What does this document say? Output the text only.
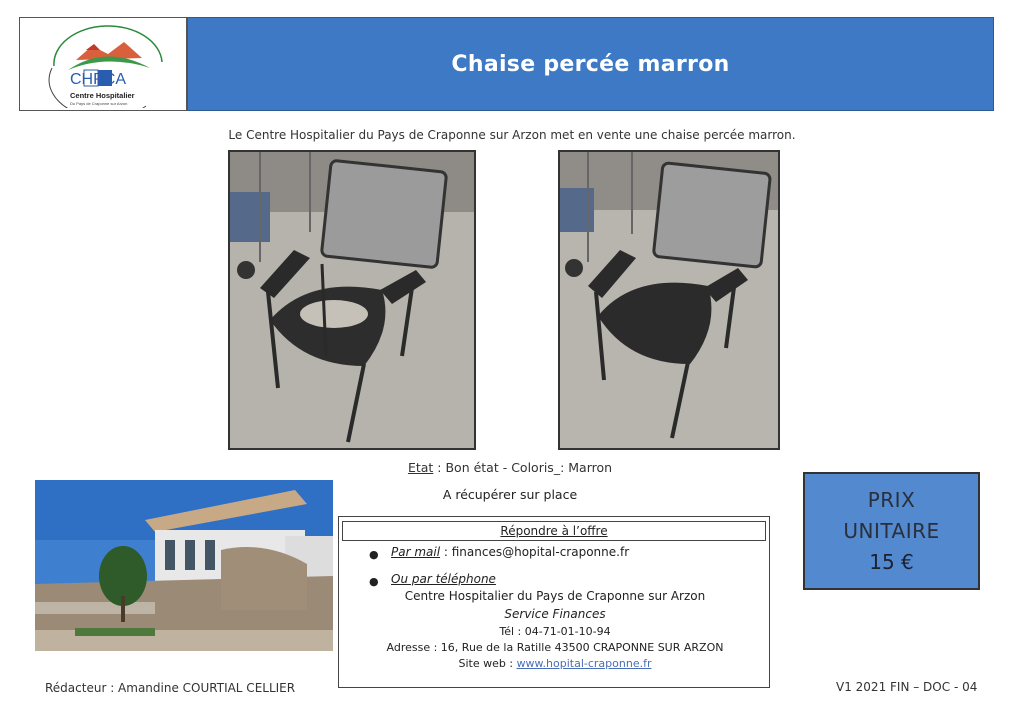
CHPCA
Centre Hospitalier
Du Pays de Craponne sur Arzon
Chaise percée marron
Le Centre Hospitalier du Pays de Craponne sur Arzon met en vente une chaise percée marron.
Etat : Bon état - Coloris_: Marron
A récupérer sur place	PRIX
UNITAIRE
15 €
Répondre à l’offre
● Par mail : finances@hopital-craponne.fr
● Ou par téléphone
Centre Hospitalier du Pays de Craponne sur Arzon
Service Finances
Tél : 04-71-01-10-94
Adresse : 16, Rue de la Ratille 43500 CRAPONNE SUR ARZON
Site web : www.hopital-craponne.fr
Rédacteur : Amandine COURTIAL CELLIER	V1 2021 FIN – DOC - 04
